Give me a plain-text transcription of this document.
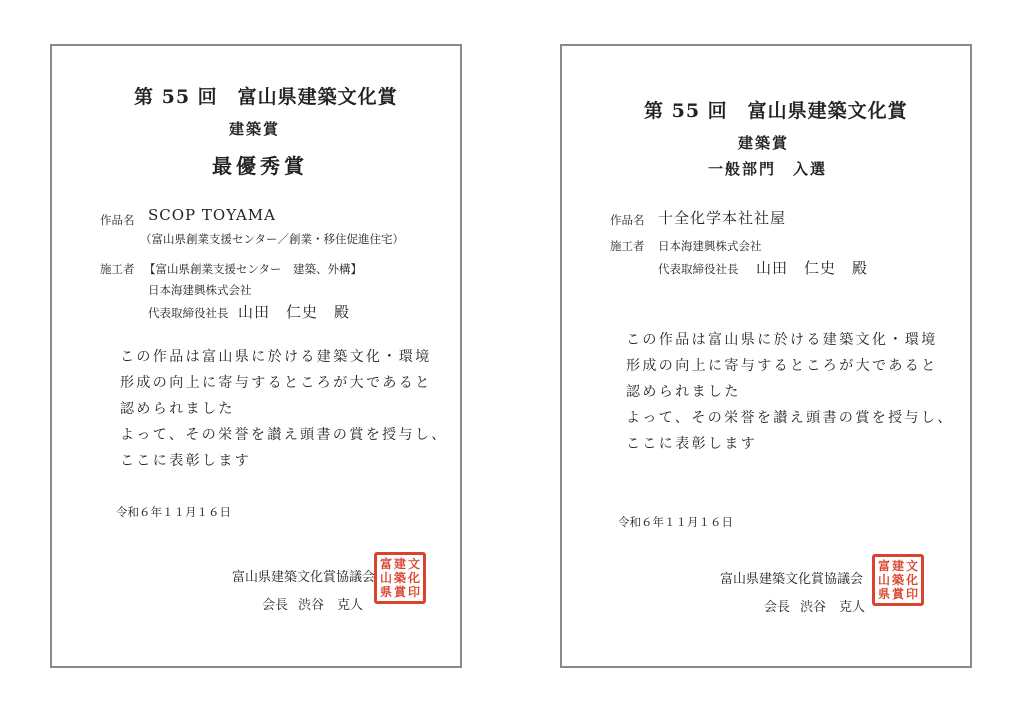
第 55 回　富山県建築文化賞
建築賞
最優秀賞
作品名 SCOP TOYAMA
（富山県創業支援センター／創業・移住促進住宅）
施工者 【富山県創業支援センター　建築、外構】
日本海建興株式会社
代表取締役社長 山田　仁史　殿
この作品は富山県に於ける建築文化・環境
形成の向上に寄与するところが大であると
認められました
よって、その栄誉を讃え頭書の賞を授与し、
ここに表彰します
令和６年１１月１６日
富山県建築文化賞協議会
会長 渋谷　克人
富 建 文
山 築 化
県 賞 印
第 55 回　富山県建築文化賞
建築賞
一般部門　入選
作品名 十全化学本社社屋
施工者 日本海建興株式会社
代表取締役社長 山田　仁史　殿
この作品は富山県に於ける建築文化・環境
形成の向上に寄与するところが大であると
認められました
よって、その栄誉を讃え頭書の賞を授与し、
ここに表彰します
令和６年１１月１６日
富山県建築文化賞協議会
会長 渋谷　克人
富 建 文
山 築 化
県 賞 印
